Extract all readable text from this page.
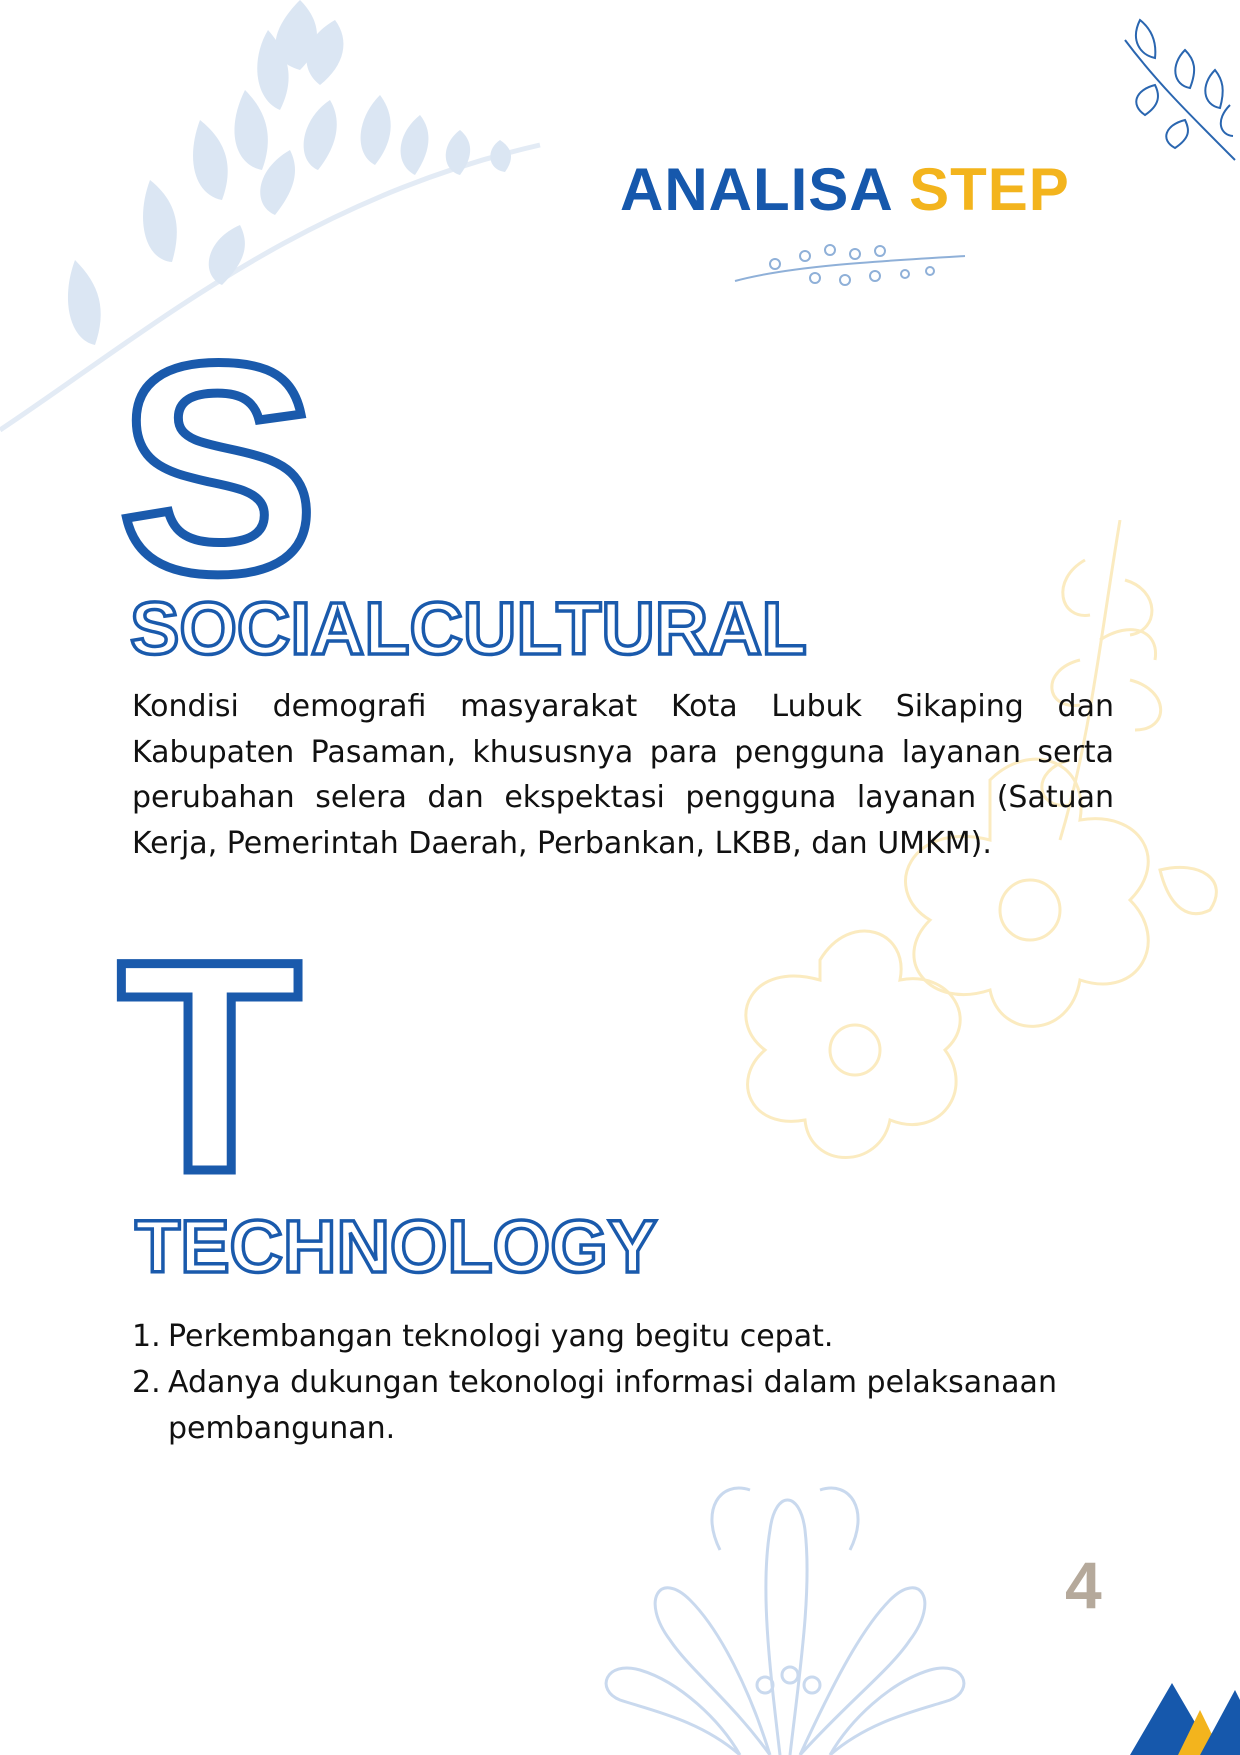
ANALISA STEP
S
SOCIALCULTURAL
Kondisi demografi masyarakat Kota Lubuk Sikaping dan Kabupaten Pasaman, khususnya para pengguna layanan serta perubahan selera dan ekspektasi pengguna layanan (Satuan Kerja, Pemerintah Daerah, Perbankan, LKBB, dan UMKM).
T
TECHNOLOGY
1. Perkembangan teknologi yang begitu cepat.
2. Adanya dukungan tekonologi informasi dalam pelaksanaan pembangunan.
4
